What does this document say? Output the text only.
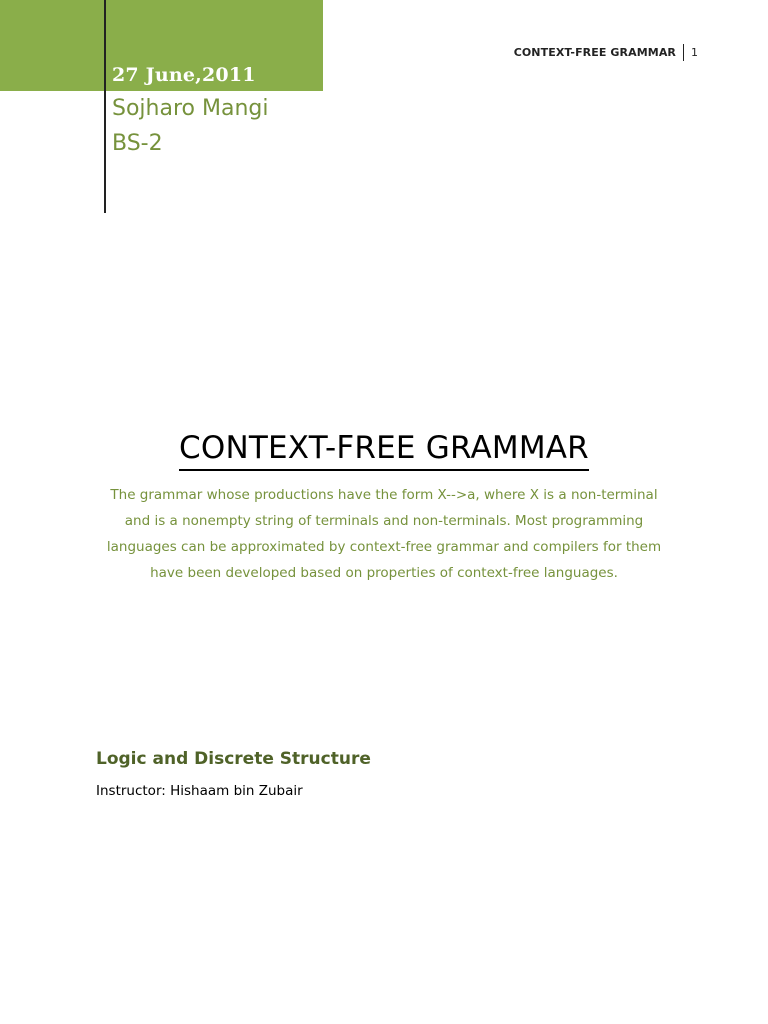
27 June,2011
Sojharo Mangi
BS-2
CONTEXT-FREE GRAMMAR 1
CONTEXT-FREE GRAMMAR
The grammar whose productions have the form X-->a, where X is a non-terminal and is a nonempty string of terminals and non-terminals. Most programming languages can be approximated by context-free grammar and compilers for them have been developed based on properties of context-free languages.
Logic and Discrete Structure
Instructor: Hishaam bin Zubair
